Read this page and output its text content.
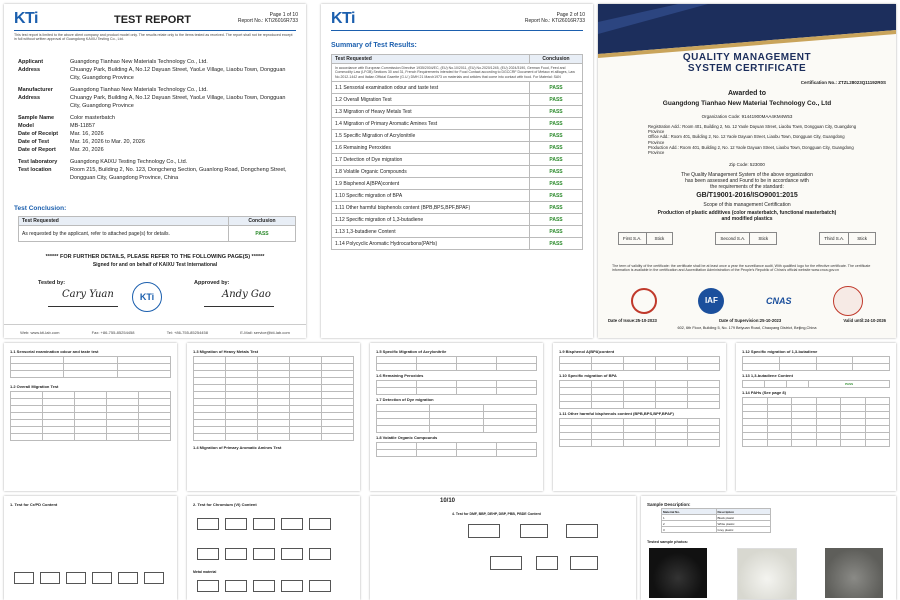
KTi	TEST REPORT	Page 1 of 10
Report No.: KTi26016R733
This test report is limited to the above client company and product model only. The results relate only to the items tested as received. The report shall not be reproduced except in full without written approval of Guangdong KAIXU Testing Co., Ltd.
Applicant	Guangdong Tianhao New Materials Technology Co., Ltd.
Address	Chuangy Park, Building A, No.12 Dayuan Street, YaoLe Village, Liaobu Town, Dongguan City, Guangdong Province
Manufacturer	Guangdong Tianhao New Materials Technology Co., Ltd.
Address	Chuangy Park, Building A, No.12 Dayuan Street, YaoLe Village, Liaobu Town, Dongguan City, Guangdong Province
Sample Name	Color masterbatch
Model	MB-11857
Date of Receipt	Mar. 16, 2026
Date of Test	Mar. 16, 2026 to Mar. 20, 2026
Date of Report	Mar. 20, 2026
Test laboratory	Guangdong KAIXU Testing Technology Co., Ltd.
Test location	Room 215, Building 2, No. 123, Dongcheng Section, Guanlong Road, Dongcheng Street, Dongguan City, Guangdong Province, China
Test Conclusion:
Test Requested	Conclusion
As requested by the applicant, refer to attached page(s) for details.	PASS
****** FOR FURTHER DETAILS, PLEASE REFER TO THE FOLLOWING PAGE(S) ******
Signed for and on behalf of KAIXU Test International
Tested by:
Cary Yuan	KTi
Approved by:
Andy Gao
Web: www.kti-lab.com	Fax: +86-755-85254458	Tel: +86-755-85254458	E-Mail: service@kti-lab.com
KTi	Page 2 of 10
Report No.: KTi26016R733
Summary of Test Results:
Test Requested	Conclusion
In accordance with European Commission Directive 1935/2004/EC, (EU) No.10/2011, (EU) No.2020/1245, (EU) 2024/3190, German Food, Feed and Commodity Law (LFGB) Sections 30 and 31, French Requirements intended for Food Contact according to DGCCRF Document of Metaux et alliages, Law No.2012-1442 and Italian Official Gazette (G.U.) DMH 21 March1973 on materials and articles that come into contact with food. For Material: SAN	
1.1 Sensorial examination odour and taste test	PASS
1.2 Overall Migration Test	PASS
1.3 Migration of Heavy Metals Test	PASS
1.4 Migration of Primary Aromatic Amines Test	PASS
1.5 Specific Migration of Acrylonitrile	PASS
1.6 Remaining Peroxides	PASS
1.7 Detection of Dye migration	PASS
1.8 Volatile Organic Compounds	PASS
1.9 Bisphenol A(BPA)content	PASS
1.10 Specific migration of BPA	PASS
1.11 Other harmful bisphenols content (BPB,BPS,BPF,BPAF)	PASS
1.12 Specific migration of 1,3-butadiene	PASS
1.13 1,3-butadiene Content	PASS
1.14 Polycyclic Aromatic Hydrocarbons(PAHs)	PASS
QUALITY MANAGEMENT
SYSTEM CERTIFICATE
Certification No.: ZTZL28023Q11192R0S
Awarded to
Guangdong Tianhao New Material Technology Co., Ltd
Organization Code: 91441900MAA4KM4W53
Registration Add.: Room 401, Building 2, No. 12 Yaole Dayuan Street, Liaobu Town, Dongguan City, Guangdong Province
Office Add.: Room 401, Building 2, No. 12 Yaole Dayuan Street, Liaobu Town, Dongguan City, Guangdong Province
Production Add.: Room 401, Building 2, No. 12 Yaole Dayuan Street, Liaobu Town, Dongguan City, Guangdong Province
Zip Code: 523000
The Quality Management System of the above organization
has been assessed and Found to be in accordance with
the requirements of the standard:
GB/T19001-2016/ISO9001:2015
Scope of this management Certification
Production of plastic additives (color masterbatch, functional masterbatch)
and modified plastics
First S.A.	Stick	Second S.A.	Stick	Third S.A.	Stick
The term of validity of the certificate: the certificate shall be at least once a year the surveillance audit, With qualified logo for the effective certificate. The certificate information is available in the certification and Accreditation Administration of the People's Republic of China's official website www.cnca.gov.cn
IAF	CNAS
Date of Issue:25-10-2023	Date of Supervision:25-10-2023	Valid until:24-10-2026
602, 6th Floor, Building 5, No. 179 Beiyuan Road, Chaoyang District, Beijing,China
1.1 Sensorial examination odour and taste test

1.2 Overall Migration Test

1.3 Migration of Heavy Metals Test

1.4 Migration of Primary Aromatic Amines Test
1.5 Specific Migration of Acrylonitrile

1.6 Remaining Peroxides

1.7 Detection of Dye migration

1.8 Volatile Organic Compounds

1.9 Bisphenol A(BPA)content

1.10 Specific migration of BPA

1.11 Other harmful bisphenols content (BPB,BPS,BPF,BPAF)

1.12 Specific migration of 1,3-butadiene

1.13 1,3-butadiene Content
			PASS
1.14 PAHs (See page 8)

1. Test for Cr/PD Content	2. Test for Chromium (VI) Content
Metal material
10/10
4. Test for DMF, BBP, DEHP, DBP, PBB, PBDE Content
Sample Description:
Material No.	Description
1	Black plastic
2	White plastic
3	Grey plastic
Tested sample photos:
